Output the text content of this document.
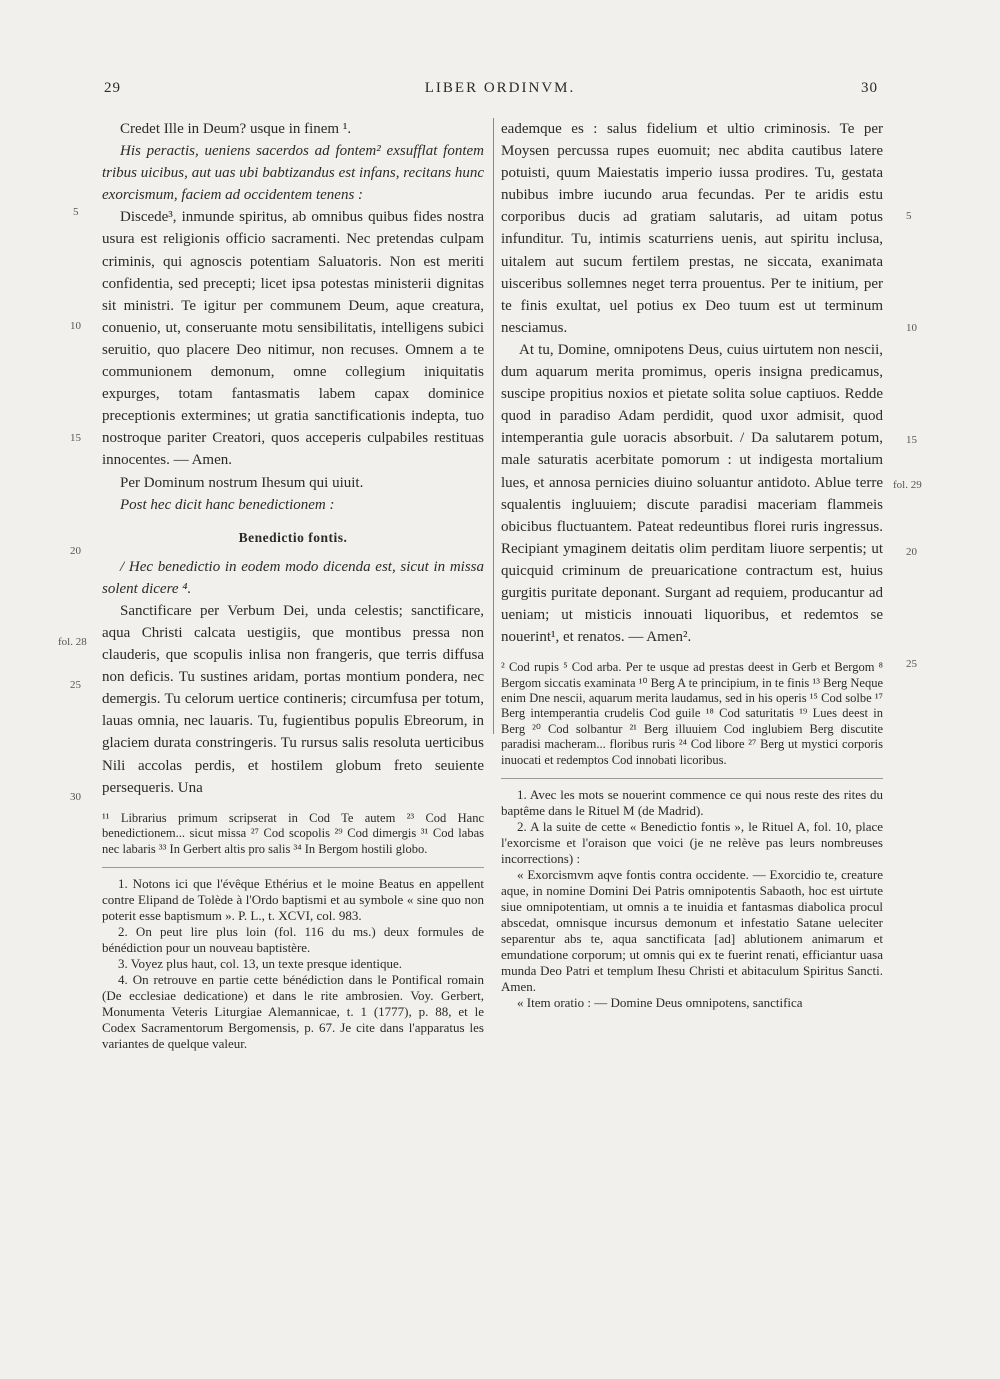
29	LIBER ORDINVM.	30
5
10
15
20
fol. 28
25
30
5
10
15
fol. 29
20
25

Credet Ille in Deum? usque in finem ¹.

His peractis, ueniens sacerdos ad fontem² exsufflat fontem tribus uicibus, aut uas ubi babtizandus est infans, recitans hunc exorcismum, faciem ad occidentem tenens :

Discede³, inmunde spiritus, ab omnibus quibus fides nostra usura est religionis officio sacramenti. Nec pretendas culpam criminis, qui agnoscis potentiam Saluatoris. Non est meriti confidentia, sed precepti; licet ipsa potestas ministerii dignitas sit ministri. Te igitur per communem Deum, aque creatura, conuenio, ut, conseruante motu sensibilitatis, intelligens subici seruitio, quo placere Deo nitimur, non recuses. Omnem a te communionem demonum, omne collegium iniquitatis expurges, totam fantasmatis labem capax dominice preceptionis extermines; ut gratia sanctificationis indepta, tuo nostroque pariter Creatori, quos acceperis culpabiles restituas innocentes. — Amen.

Per Dominum nostrum Ihesum qui uiuit.

Post hec dicit hanc benedictionem :

Benedictio fontis.

/ Hec benedictio in eodem modo dicenda est, sicut in missa solent dicere ⁴.

Sanctificare per Verbum Dei, unda celestis; sanctificare, aqua Christi calcata uestigiis, que montibus pressa non clauderis, que scopulis inlisa non frangeris, que terris diffusa non deficis. Tu sustines aridam, portas montium pondera, nec demergis. Tu celorum uertice contineris; circumfusa per totum, lauas omnia, nec lauaris. Tu, fugientibus populis Ebreorum, in glaciem durata constringeris. Tu rursus salis resoluta uerticibus Nili accolas perdis, et hostilem globum freto seuiente persequeris. Una

¹¹ Librarius primum scripserat in Cod Te autem ²³ Cod Hanc benedictionem... sicut missa ²⁷ Cod scopolis ²⁹ Cod dimergis ³¹ Cod labas nec labaris ³³ In Gerbert altis pro salis ³⁴ In Bergom hostili globo.

1. Notons ici que l'évêque Ethérius et le moine Beatus en appellent contre Elipand de Tolède à l'Ordo baptismi et au symbole « sine quo non poterit esse baptismum ». P. L., t. XCVI, col. 983.

2. On peut lire plus loin (fol. 116 du ms.) deux formules de bénédiction pour un nouveau baptistère.

3. Voyez plus haut, col. 13, un texte presque identique.

4. On retrouve en partie cette bénédiction dans le Pontifical romain (De ecclesiae dedicatione) et dans le rite ambrosien. Voy. Gerbert, Monumenta Veteris Liturgiae Alemannicae, t. 1 (1777), p. 88, et le Codex Sacramentorum Bergomensis, p. 67. Je cite dans l'apparatus les variantes de quelque valeur.

eademque es : salus fidelium et ultio criminosis. Te per Moysen percussa rupes euomuit; nec abdita cautibus latere potuisti, quum Maiestatis imperio iussa prodires. Tu, gestata nubibus imbre iucundo arua fecundas. Per te aridis estu corporibus ducis ad gratiam salutaris, ad uitam potus infunditur. Tu, intimis scaturriens uenis, aut spiritu inclusa, uitalem aut sucum fertilem prestas, ne siccata, exanimata uisceribus sollemnes neget terra prouentus. Per te initium, per te finis exultat, uel potius ex Deo tuum est ut terminum nesciamus.

At tu, Domine, omnipotens Deus, cuius uirtutem non nescii, dum aquarum merita promimus, operis insigna predicamus, suscipe propitius noxios et pietate solita solue captiuos. Redde quod in paradiso Adam perdidit, quod uxor admisit, quod intemperantia gule uoracis absorbuit. / Da salutarem potum, male saturatis acerbitate pomorum : ut indigesta mortalium lues, et annosa pernicies diuino soluantur antidoto. Ablue terre squalentis ingluuiem; discute paradisi maceriam flammeis obicibus fluctuantem. Pateat redeuntibus florei ruris ingressus. Recipiant ymaginem deitatis olim perditam liuore serpentis; ut quicquid criminum de preuaricatione contractum est, huius gurgitis puritate deponant. Surgant ad requiem, producantur ad ueniam; ut misticis innouati liquoribus, et redemtos se nouerint¹, et renatos. — Amen².

² Cod rupis ⁵ Cod arba. Per te usque ad prestas deest in Gerb et Bergom ⁸ Bergom siccatis examinata ¹⁰ Berg A te principium, in te finis ¹³ Berg Neque enim Dne nescii, aquarum merita laudamus, sed in his operis ¹⁵ Cod solbe ¹⁷ Berg intemperantia crudelis Cod guile ¹⁸ Cod saturitatis ¹⁹ Lues deest in Berg ²⁰ Cod solbantur ²¹ Berg illuuiem Cod inglubiem Berg discutite paradisi macheram... floribus ruris ²⁴ Cod libore ²⁷ Berg ut mystici corporis inuocati et redemptos Cod innobati licoribus.

1. Avec les mots se nouerint commence ce qui nous reste des rites du baptême dans le Rituel M (de Madrid).

2. A la suite de cette « Benedictio fontis », le Rituel A, fol. 10, place l'exorcisme et l'oraison que voici (je ne relève pas leurs nombreuses incorrections) :

« Exorcismvm aqve fontis contra occidente. — Exorcidio te, creature aque, in nomine Domini Dei Patris omnipotentis Sabaoth, hoc est uirtute siue omnipotentiam, ut omnis a te inuidia et fantasmas diabolica procul abscedat, omnisque incursus demonum et infestatio Satane ueleciter separentur abs te, aqua sanctificata [ad] ablutionem animarum et emundatione corporum; ut omnis qui ex te fuerint renati, efficiantur uasa munda Deo Patri et templum Ihesu Christi et abitaculum Spiritus Sancti. Amen.

« Item oratio : — Domine Deus omnipotens, sanctifica
